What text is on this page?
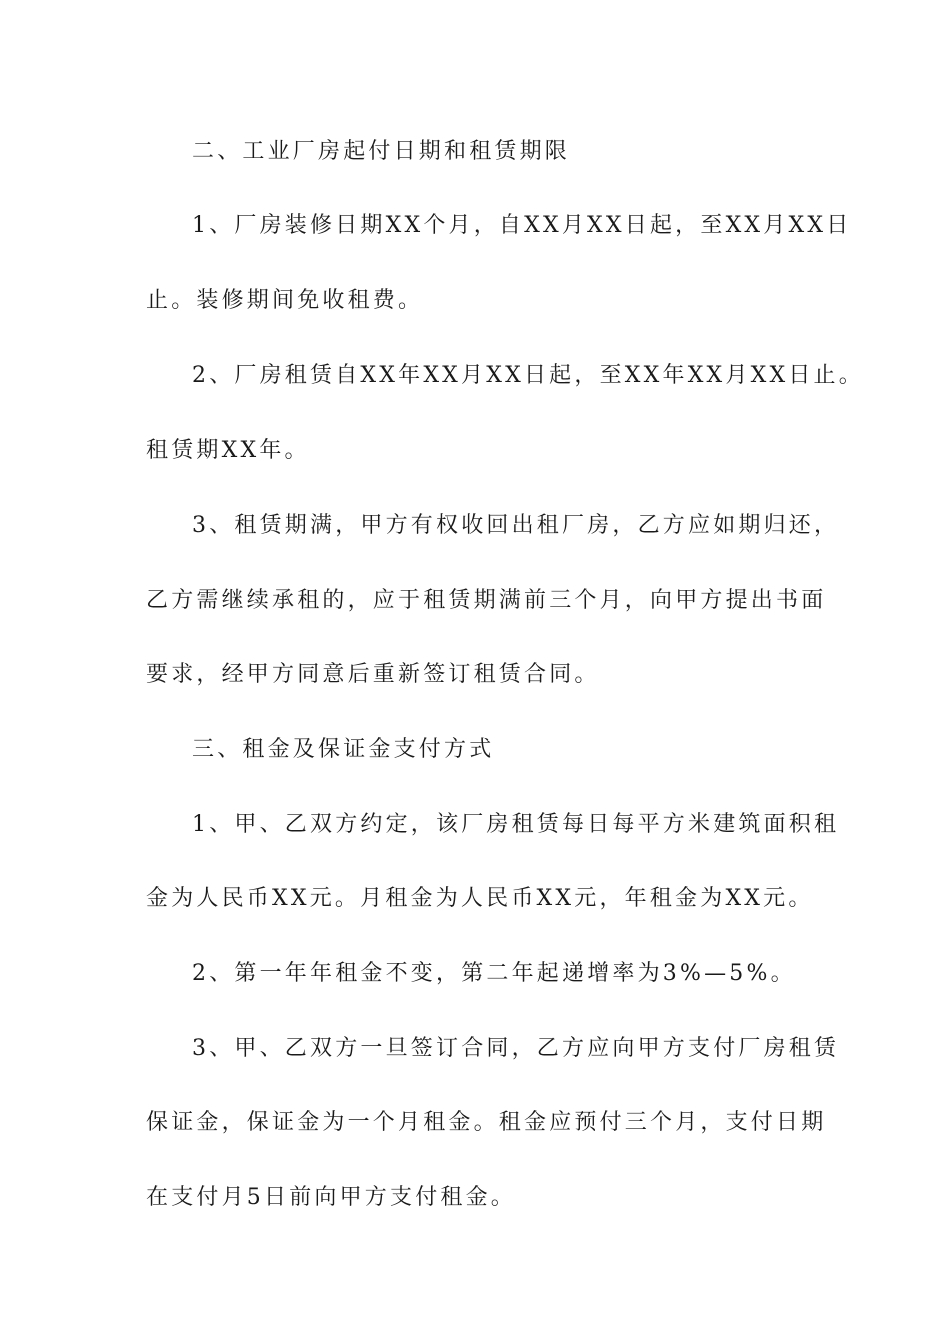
二、工业厂房起付日期和租赁期限
1、厂房装修日期XX个月，自XX月XX日起，至XX月XX日
止。装修期间免收租费。
2、厂房租赁自XX年XX月XX日起，至XX年XX月XX日止。
租赁期XX年。
3、租赁期满，甲方有权收回出租厂房，乙方应如期归还，
乙方需继续承租的，应于租赁期满前三个月，向甲方提出书面
要求，经甲方同意后重新签订租赁合同。
三、租金及保证金支付方式
1、甲、乙双方约定，该厂房租赁每日每平方米建筑面积租
金为人民币XX元。月租金为人民币XX元，年租金为XX元。
2、第一年年租金不变，第二年起递增率为3%—5%。
3、甲、乙双方一旦签订合同，乙方应向甲方支付厂房租赁
保证金，保证金为一个月租金。租金应预付三个月，支付日期
在支付月5日前向甲方支付租金。
